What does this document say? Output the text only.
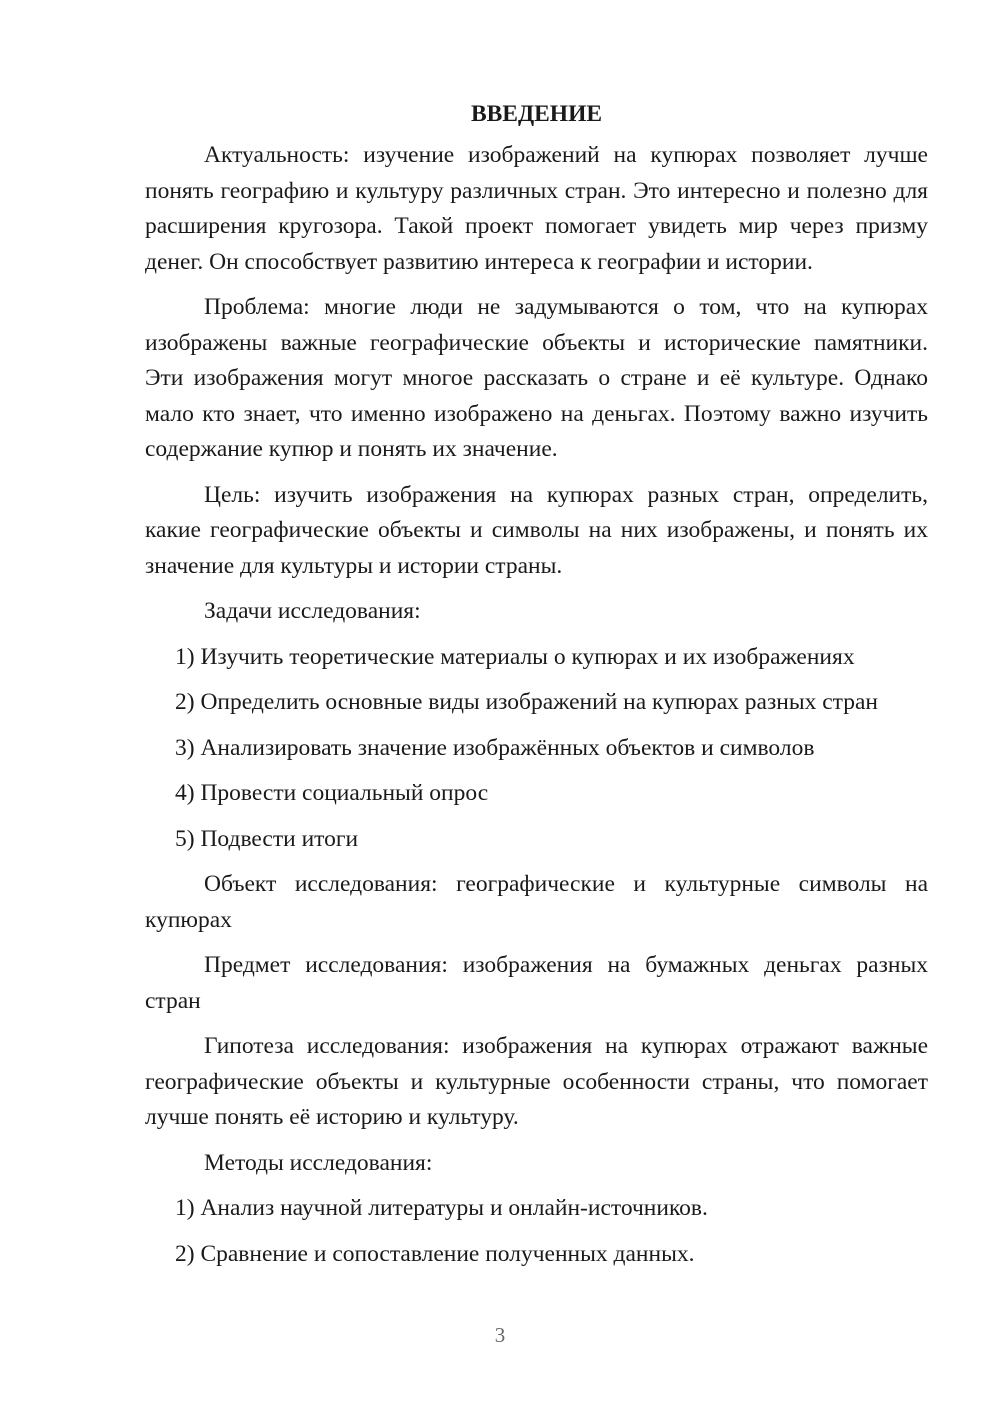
ВВЕДЕНИЕ

Актуальность: изучение изображений на купюрах позволяет лучше понять географию и культуру различных стран. Это интересно и полезно для расширения кругозора. Такой проект помогает увидеть мир через призму денег. Он способствует развитию интереса к географии и истории.

Проблема: многие люди не задумываются о том, что на купюрах изображены важные географические объекты и исторические памятники. Эти изображения могут многое рассказать о стране и её культуре. Однако мало кто знает, что именно изображено на деньгах. Поэтому важно изучить содержание купюр и понять их значение.

Цель: изучить изображения на купюрах разных стран, определить, какие географические объекты и символы на них изображены, и понять их значение для культуры и истории страны.

Задачи исследования:

1) Изучить теоретические материалы о купюрах и их изображениях

2) Определить основные виды изображений на купюрах разных стран

3) Анализировать значение изображённых объектов и символов

4) Провести социальный опрос

5) Подвести итоги

Объект исследования: географические и культурные символы на купюрах

Предмет исследования: изображения на бумажных деньгах разных стран

Гипотеза исследования: изображения на купюрах отражают важные географические объекты и культурные особенности страны, что помогает лучше понять её историю и культуру.

Методы исследования:

1) Анализ научной литературы и онлайн-источников.

2) Сравнение и сопоставление полученных данных.

3
